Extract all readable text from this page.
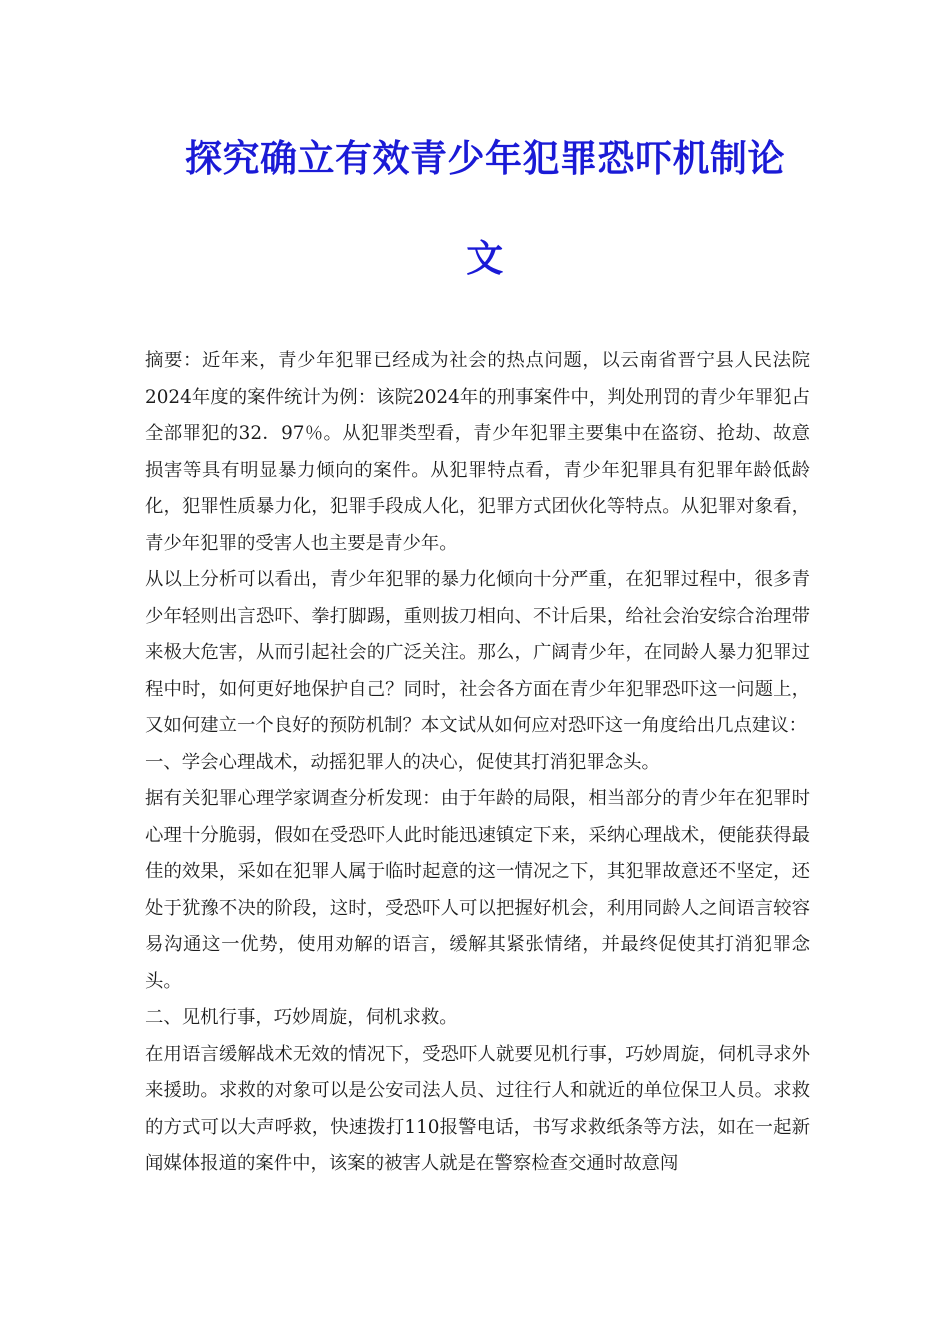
探究确立有效青少年犯罪恐吓机制论
文

摘要：近年来，青少年犯罪已经成为社会的热点问题，以云南省晋宁县人民法院2024年度的案件统计为例：该院2024年的刑事案件中，判处刑罚的青少年罪犯占全部罪犯的32．97％。从犯罪类型看，青少年犯罪主要集中在盗窃、抢劫、故意损害等具有明显暴力倾向的案件。从犯罪特点看，青少年犯罪具有犯罪年龄低龄化，犯罪性质暴力化，犯罪手段成人化，犯罪方式团伙化等特点。从犯罪对象看，青少年犯罪的受害人也主要是青少年。

从以上分析可以看出，青少年犯罪的暴力化倾向十分严重，在犯罪过程中，很多青少年轻则出言恐吓、拳打脚踢，重则拔刀相向、不计后果，给社会治安综合治理带来极大危害，从而引起社会的广泛关注。那么，广阔青少年，在同龄人暴力犯罪过程中时，如何更好地保护自己？同时，社会各方面在青少年犯罪恐吓这一问题上，又如何建立一个良好的预防机制？本文试从如何应对恐吓这一角度给出几点建议：

一、学会心理战术，动摇犯罪人的决心，促使其打消犯罪念头。

据有关犯罪心理学家调查分析发现：由于年龄的局限，相当部分的青少年在犯罪时心理十分脆弱，假如在受恐吓人此时能迅速镇定下来，采纳心理战术，便能获得最佳的效果，采如在犯罪人属于临时起意的这一情况之下，其犯罪故意还不坚定，还处于犹豫不决的阶段，这时，受恐吓人可以把握好机会，利用同龄人之间语言较容易沟通这一优势，使用劝解的语言，缓解其紧张情绪，并最终促使其打消犯罪念头。

二、见机行事，巧妙周旋，伺机求救。

在用语言缓解战术无效的情况下，受恐吓人就要见机行事，巧妙周旋，伺机寻求外来援助。求救的对象可以是公安司法人员、过往行人和就近的单位保卫人员。求救的方式可以大声呼救，快速拨打110报警电话，书写求救纸条等方法，如在一起新闻媒体报道的案件中，该案的被害人就是在警察检查交通时故意闯
